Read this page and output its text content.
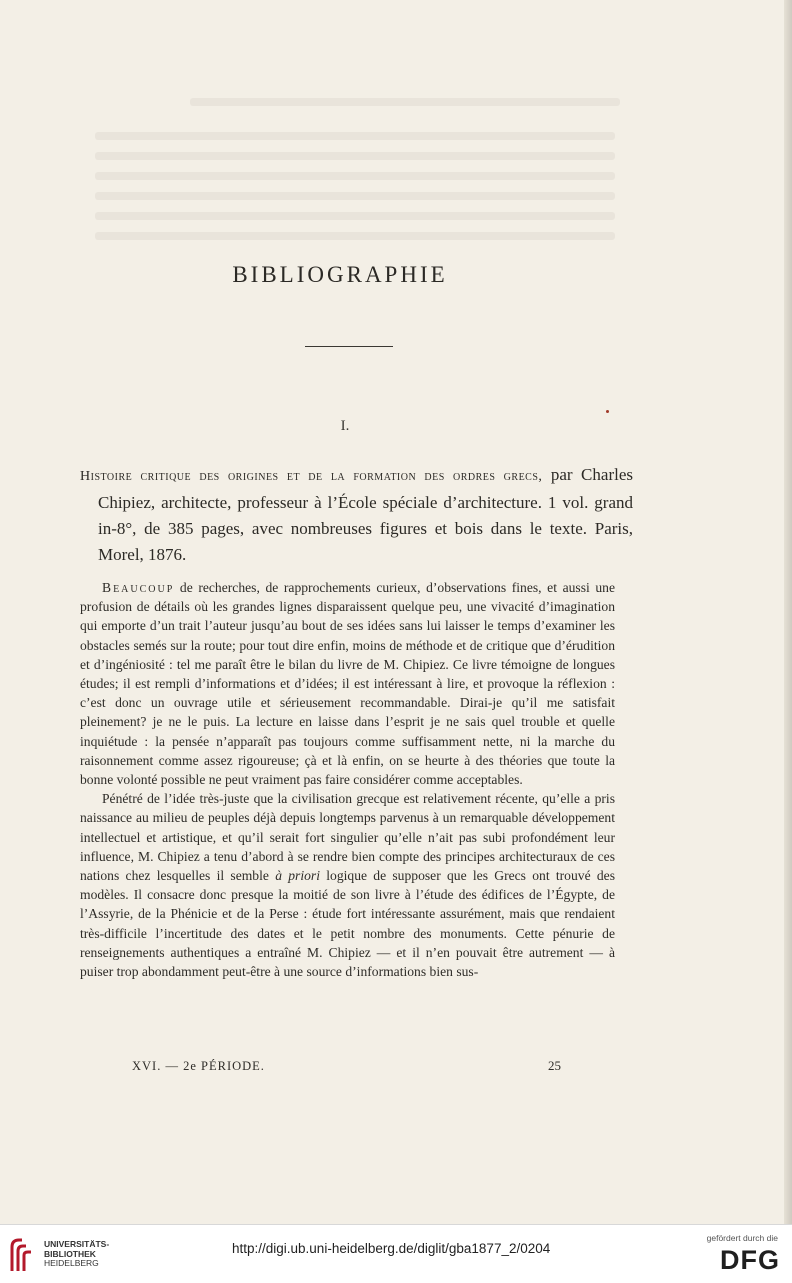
BIBLIOGRAPHIE
I.

Histoire critique des origines et de la formation des ordres grecs, par Charles Chipiez, architecte, professeur à l’École spéciale d’architecture. 1 vol. grand in-8°, de 385 pages, avec nombreuses figures et bois dans le texte. Paris, Morel, 1876.

Beaucoup de recherches, de rapprochements curieux, d’observations fines, et aussi une profusion de détails où les grandes lignes disparaissent quelque peu, une vivacité d’imagination qui emporte d’un trait l’auteur jusqu’au bout de ses idées sans lui laisser le temps d’examiner les obstacles semés sur la route; pour tout dire enfin, moins de méthode et de critique que d’érudition et d’ingéniosité : tel me paraît être le bilan du livre de M. Chipiez. Ce livre témoigne de longues études; il est rempli d’informations et d’idées; il est intéressant à lire, et provoque la réflexion : c’est donc un ouvrage utile et sérieusement recommandable. Dirai-je qu’il me satisfait pleinement? je ne le puis. La lecture en laisse dans l’esprit je ne sais quel trouble et quelle inquiétude : la pensée n’apparaît pas toujours comme suffisamment nette, ni la marche du raisonnement comme assez rigoureuse; çà et là enfin, on se heurte à des théories que toute la bonne volonté possible ne peut vraiment pas faire considérer comme acceptables.

Pénétré de l’idée très-juste que la civilisation grecque est relativement récente, qu’elle a pris naissance au milieu de peuples déjà depuis longtemps parvenus à un remarquable développement intellectuel et artistique, et qu’il serait fort singulier qu’elle n’ait pas subi profondément leur influence, M. Chipiez a tenu d’abord à se rendre bien compte des principes architecturaux de ces nations chez lesquelles il semble à priori logique de supposer que les Grecs ont trouvé des modèles. Il consacre donc presque la moitié de son livre à l’étude des édifices de l’Égypte, de l’Assyrie, de la Phénicie et de la Perse : étude fort intéressante assurément, mais que rendaient très-difficile l’incertitude des dates et le petit nombre des monuments. Cette pénurie de renseignements authentiques a entraîné M. Chipiez — et il n’en pouvait être autrement — à puiser trop abondamment peut-être à une source d’informations bien sus-

XVI. — 2e PÉRIODE.	25
UNIVERSITÄTS-
BIBLIOTHEK
HEIDELBERG
http://digi.ub.uni-heidelberg.de/diglit/gba1877_2/0204
gefördert durch die
DFG
